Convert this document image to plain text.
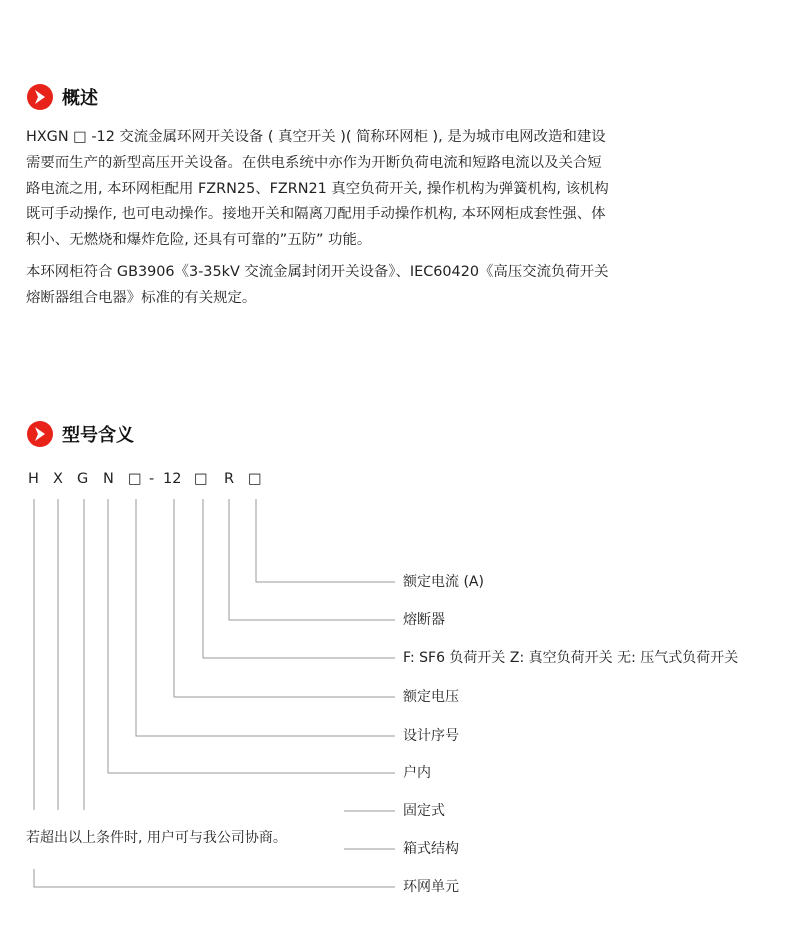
概述

HXGN □ -12 交流金属环网开关设备 ( 真空开关 )( 简称环网柜 ), 是为城市电网改造和建设需要而生产的新型高压开关设备。在供电系统中亦作为开断负荷电流和短路电流以及关合短路电流之用, 本环网柜配用 FZRN25、FZRN21 真空负荷开关, 操作机构为弹簧机构, 该机构既可手动操作, 也可电动操作。接地开关和隔离刀配用手动操作机构, 本环网柜成套性强、体积小、无燃烧和爆炸危险, 还具有可靠的”五防” 功能。

本环网柜符合 GB3906《3-35kV 交流金属封闭开关设备》、IEC60420《高压交流负荷开关熔断器组合电器》标准的有关规定。

型号含义
H X G N □ - 12 □ R □
额定电流 (A)
熔断器
F: SF6 负荷开关 Z: 真空负荷开关 无: 压气式负荷开关
额定电压
设计序号
户内
固定式
箱式结构
环网单元
若超出以上条件时, 用户可与我公司协商。
